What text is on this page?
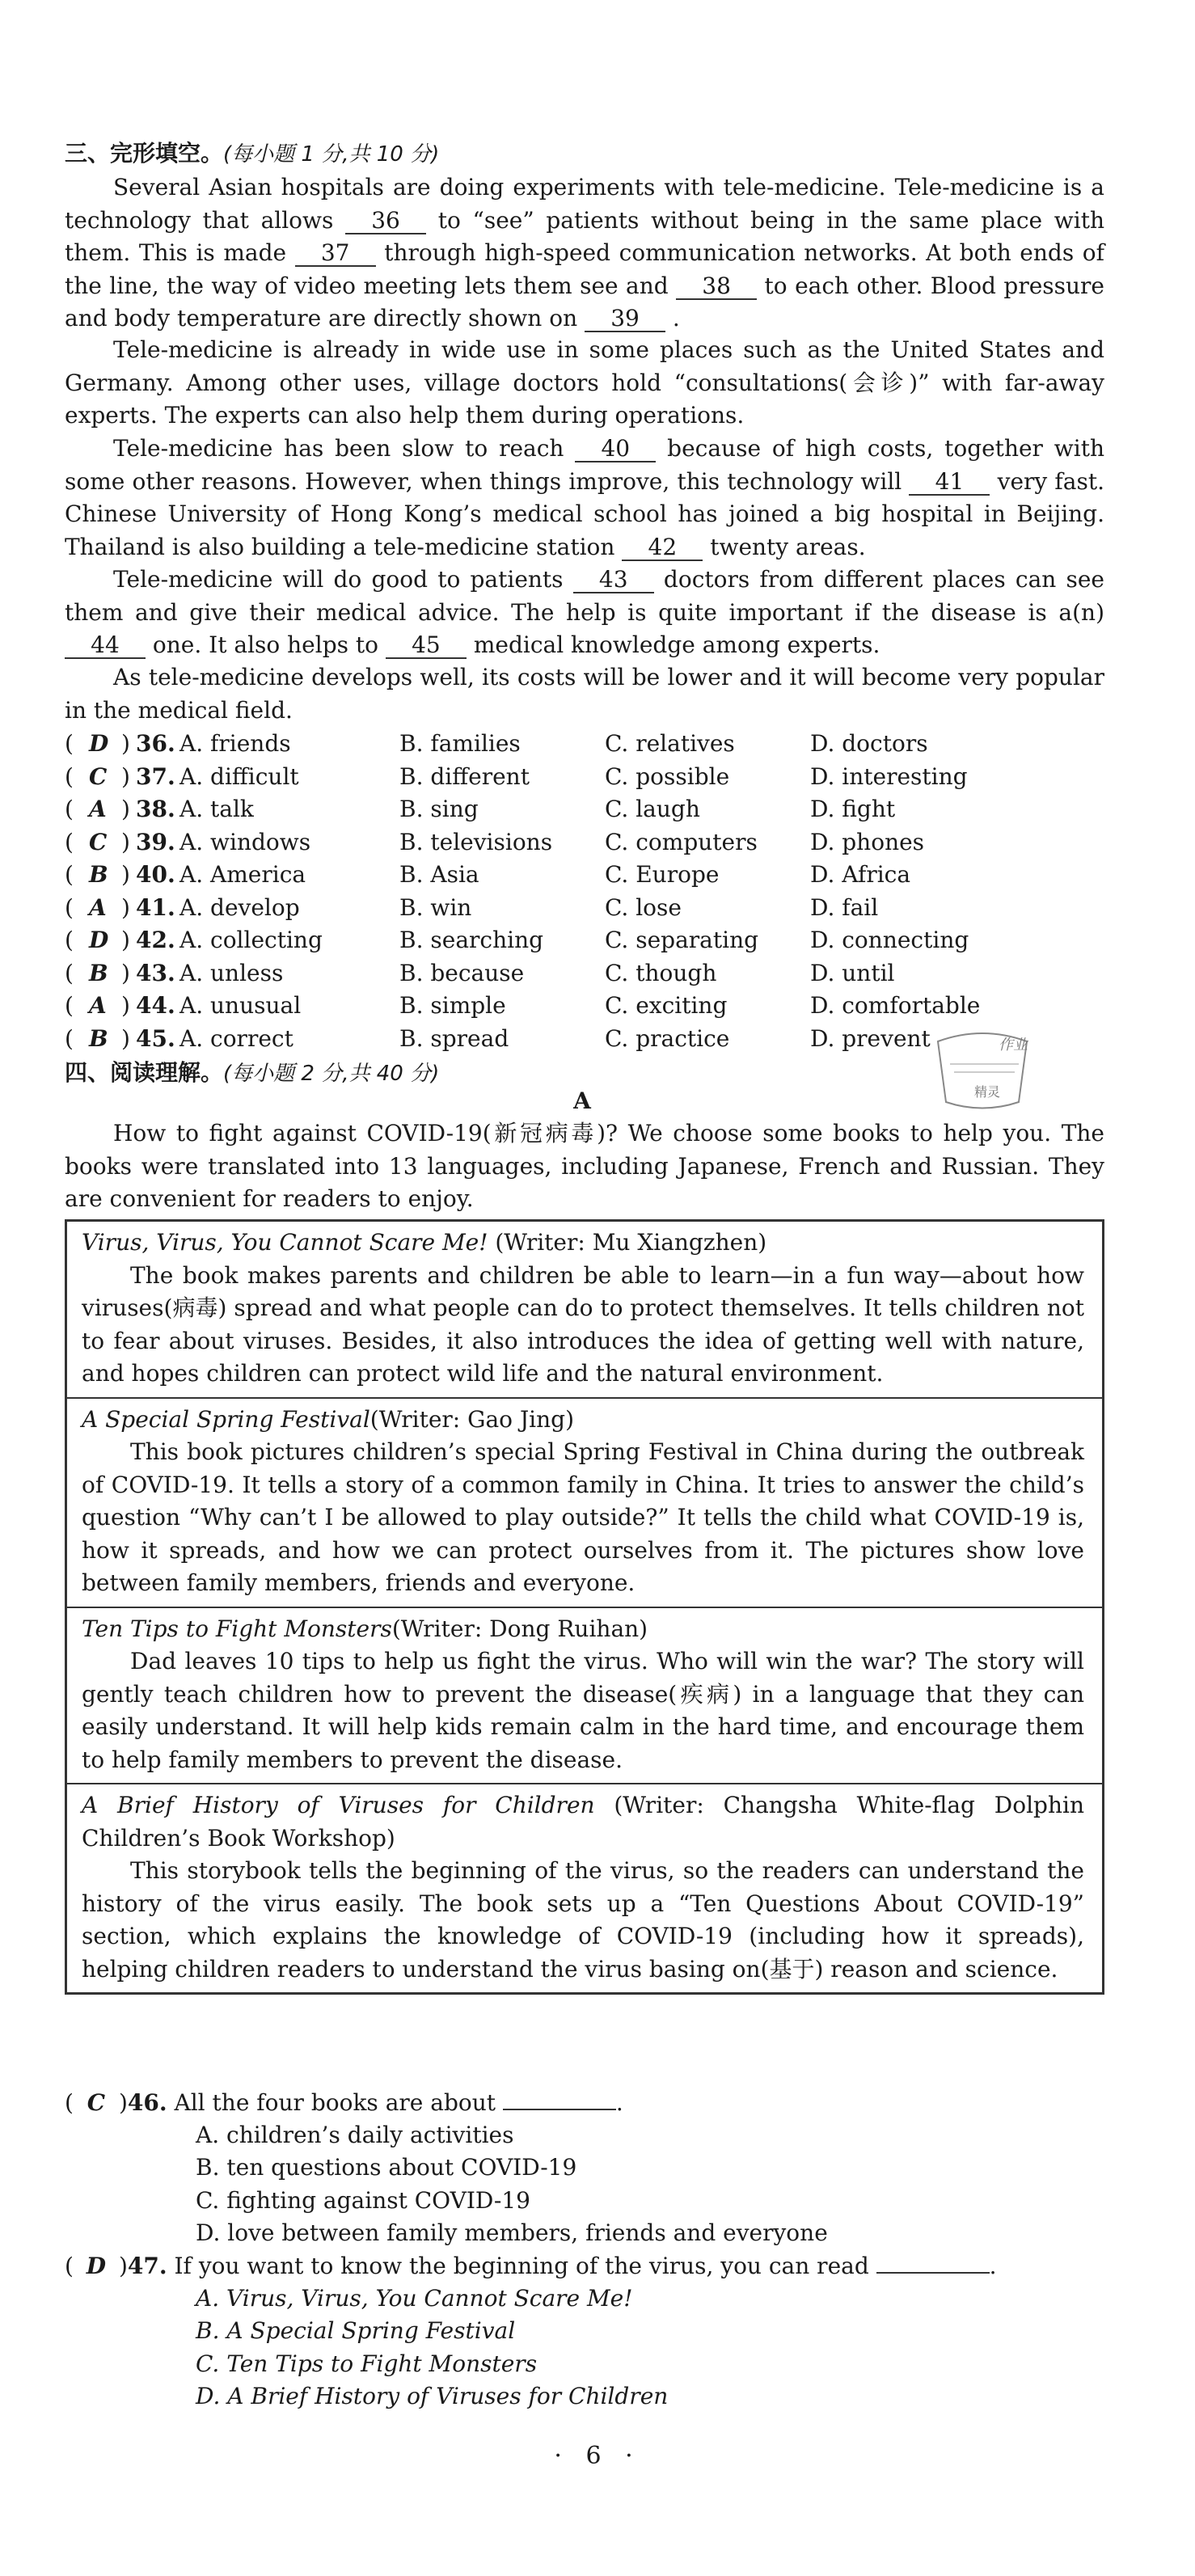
三、完形填空。(每小题 1 分,共 10 分)

Several Asian hospitals are doing experiments with tele-medicine. Tele-medicine is a technology that allows 36 to “see” patients without being in the same place with them. This is made 37 through high-speed communication networks. At both ends of the line, the way of video meeting lets them see and 38 to each other. Blood pressure and body temperature are directly shown on 39 .

Tele-medicine is already in wide use in some places such as the United States and Germany. Among other uses, village doctors hold “consultations(会诊)” with far-away experts. The experts can also help them during operations.

Tele-medicine has been slow to reach 40 because of high costs, together with some other reasons. However, when things improve, this technology will 41 very fast. Chinese University of Hong Kong’s medical school has joined a big hospital in Beijing. Thailand is also building a tele-medicine station 42 twenty areas.

Tele-medicine will do good to patients 43 doctors from different places can see them and give their medical advice. The help is quite important if the disease is a(n) 44 one. It also helps to 45 medical knowledge among experts.

As tele-medicine develops well, its costs will be lower and it will become very popular in the medical field.

( D ) 36. A. friends	B. families	C. relatives	D. doctors
( C ) 37. A. difficult	B. different	C. possible	D. interesting
( A ) 38. A. talk	B. sing	C. laugh	D. fight
( C ) 39. A. windows	B. televisions C. computers D. phones
( B ) 40. A. America	B. Asia	C. Europe	D. Africa
( A ) 41. A. develop	B. win	C. lose	D. fail
( D ) 42. A. collecting	B. searching	C. separating D. connecting
( B ) 43. A. unless	B. because	C. though	D. until
( A ) 44. A. unusual	B. simple	C. exciting	D. comfortable
( B ) 45. A. correct	B. spread	C. practice	D. prevent
四、阅读理解。(每小题 2 分,共 40 分)
A

How to fight against COVID-19(新冠病毒)? We choose some books to help you. The books were translated into 13 languages, including Japanese, French and Russian. They are convenient for readers to enjoy.

Virus, Virus, You Cannot Scare Me! (Writer: Mu Xiangzhen)
The book makes parents and children be able to learn—in a fun way—about how viruses(病毒) spread and what people can do to protect themselves. It tells children not to fear about viruses. Besides, it also introduces the idea of getting well with nature, and hopes children can protect wild life and the natural environment.
A Special Spring Festival(Writer: Gao Jing)
This book pictures children’s special Spring Festival in China during the outbreak of COVID-19. It tells a story of a common family in China. It tries to answer the child’s question “Why can’t I be allowed to play outside?” It tells the child what COVID-19 is, how it spreads, and how we can protect ourselves from it. The pictures show love between family members, friends and everyone.
Ten Tips to Fight Monsters(Writer: Dong Ruihan)
Dad leaves 10 tips to help us fight the virus. Who will win the war? The story will gently teach children how to prevent the disease(疾病) in a language that they can easily understand. It will help kids remain calm in the hard time, and encourage them to help family members to prevent the disease.
A Brief History of Viruses for Children (Writer: Changsha White-flag Dolphin Children’s Book Workshop)
This storybook tells the beginning of the virus, so the readers can understand the history of the virus easily. The book sets up a “Ten Questions About COVID-19” section, which explains the knowledge of COVID-19 (including how it spreads), helping children readers to understand the virus basing on(基于) reason and science.
( C )46. All the four books are about	.
A. children’s daily activities
B. ten questions about COVID-19
C. fighting against COVID-19
D. love between family members, friends and everyone
( D )47. If you want to know the beginning of the virus, you can read	.
A. Virus, Virus, You Cannot Scare Me!
B. A Special Spring Festival
C. Ten Tips to Fight Monsters
D. A Brief History of Viruses for Children
作业
精灵
· 6 ·
